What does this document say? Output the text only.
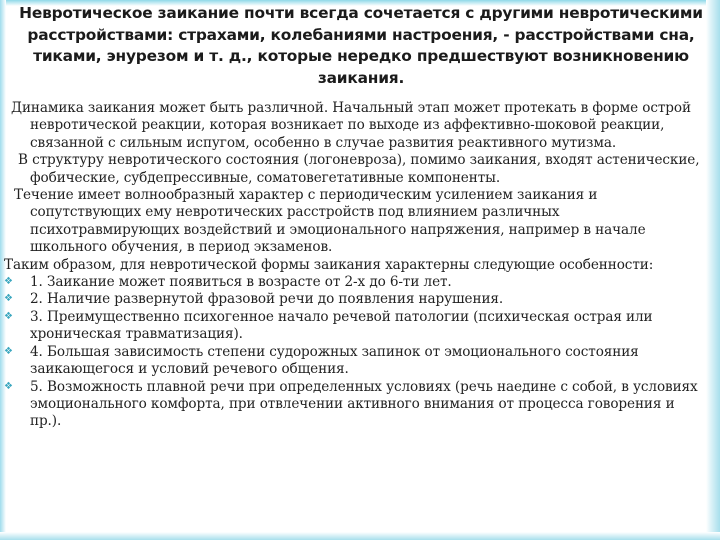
Невротическое заикание почти всегда сочетается с другими невротическими расстройствами: страхами, колебаниями настроения, - расстройствами сна, тиками, энурезом и т. д., которые нередко предшествуют возникновению заикания.

Динамика заикания может быть различной. Начальный этап может протекать в форме острой невротической реакции, которая возникает по выходе из аффективно-шоковой реакции, связанной с сильным испугом, особенно в случае развития реактивного мутизма.

В структуру невротического состояния (логоневроза), помимо заикания, входят астенические, фобические, субдепрессивные, соматовегетативные компоненты.

Течение имеет волнообразный характер с периодическим усилением заикания и сопутствующих ему невротических расстройств под влиянием различных психотравмирующих воздействий и эмоционального напряжения, например в начале школьного обучения, в период экзаменов.

Таким образом, для невротической формы заикания характерны следующие особенности:

❖
1. Заикание может появиться в возрасте от 2-х до 6-ти лет.
❖
2. Наличие развернутой фразовой речи до появления нарушения.
❖
3. Преимущественно психогенное начало речевой патологии (психическая острая или хроническая травматизация).
❖
4. Большая зависимость степени судорожных запинок от эмоционального состояния заикающегося и условий речевого общения.
❖
5. Возможность плавной речи при определенных условиях (речь наедине с собой, в условиях эмоционального комфорта, при отвлечении активного внимания от процесса говорения и пр.).
